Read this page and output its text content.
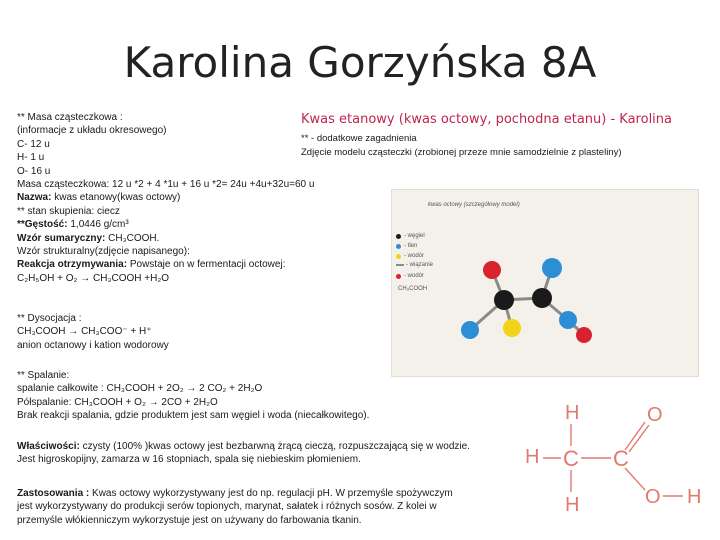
Karolina Gorzyńska 8A
Kwas etanowy (kwas octowy, pochodna etanu) - Karolina
** - dodatkowe zagadnienia
Zdjęcie modelu cząsteczki (zrobionej przeze mnie samodzielnie z plasteliny)
** Masa cząsteczkowa :
(informacje z układu okresowego)
C- 12 u
H- 1 u
O- 16 u
Masa cząsteczkowa: 12 u *2 + 4 *1u + 16 u *2= 24u +4u+32u=60 u
Nazwa: kwas etanowy(kwas octowy)
** stan skupienia: ciecz
**Gęstość: 1,0446 g/cm³
Wzór sumaryczny: CH₃COOH.
Wzór strukturalny(zdjęcie napisanego):
Reakcja otrzymywania: Powstaje on w fermentacji octowej:
C₂H₅OH + O₂ → CH₃COOH +H₂O
** Dysocjacja :
CH₃COOH → CH₃COO⁻ + H⁺
anion octanowy i kation wodorowy
** Spalanie:
spalanie całkowite : CH₃COOH + 2O₂ → 2 CO₂ + 2H₂O
Półspalanie: CH₃COOH + O₂ → 2CO + 2H₂O
Brak reakcji spalania, gdzie produktem jest sam węgiel i woda (niecałkowitego).
Właściwości: czysty (100% )kwas octowy jest bezbarwną żrącą cieczą, rozpuszczającą się w wodzie.
Jest higroskopijny, zamarza w 16 stopniach, spala się niebieskim płomieniem.
Zastosowania : Kwas octowy wykorzystywany jest do np. regulacji pH. W przemyśle spożywczym
jest wykorzystywany do produkcji serów topionych, marynat, sałatek i różnych sosów. Z kolei w
przemyśle włókienniczym wykorzystuje jest on używany do farbowania tkanin.
kwas octowy (szczegółowy model)
- węgiel
- tlen
- wodór
- wiązanie
- wodór
CH₃COOH
H
H C C
O
H	O H
